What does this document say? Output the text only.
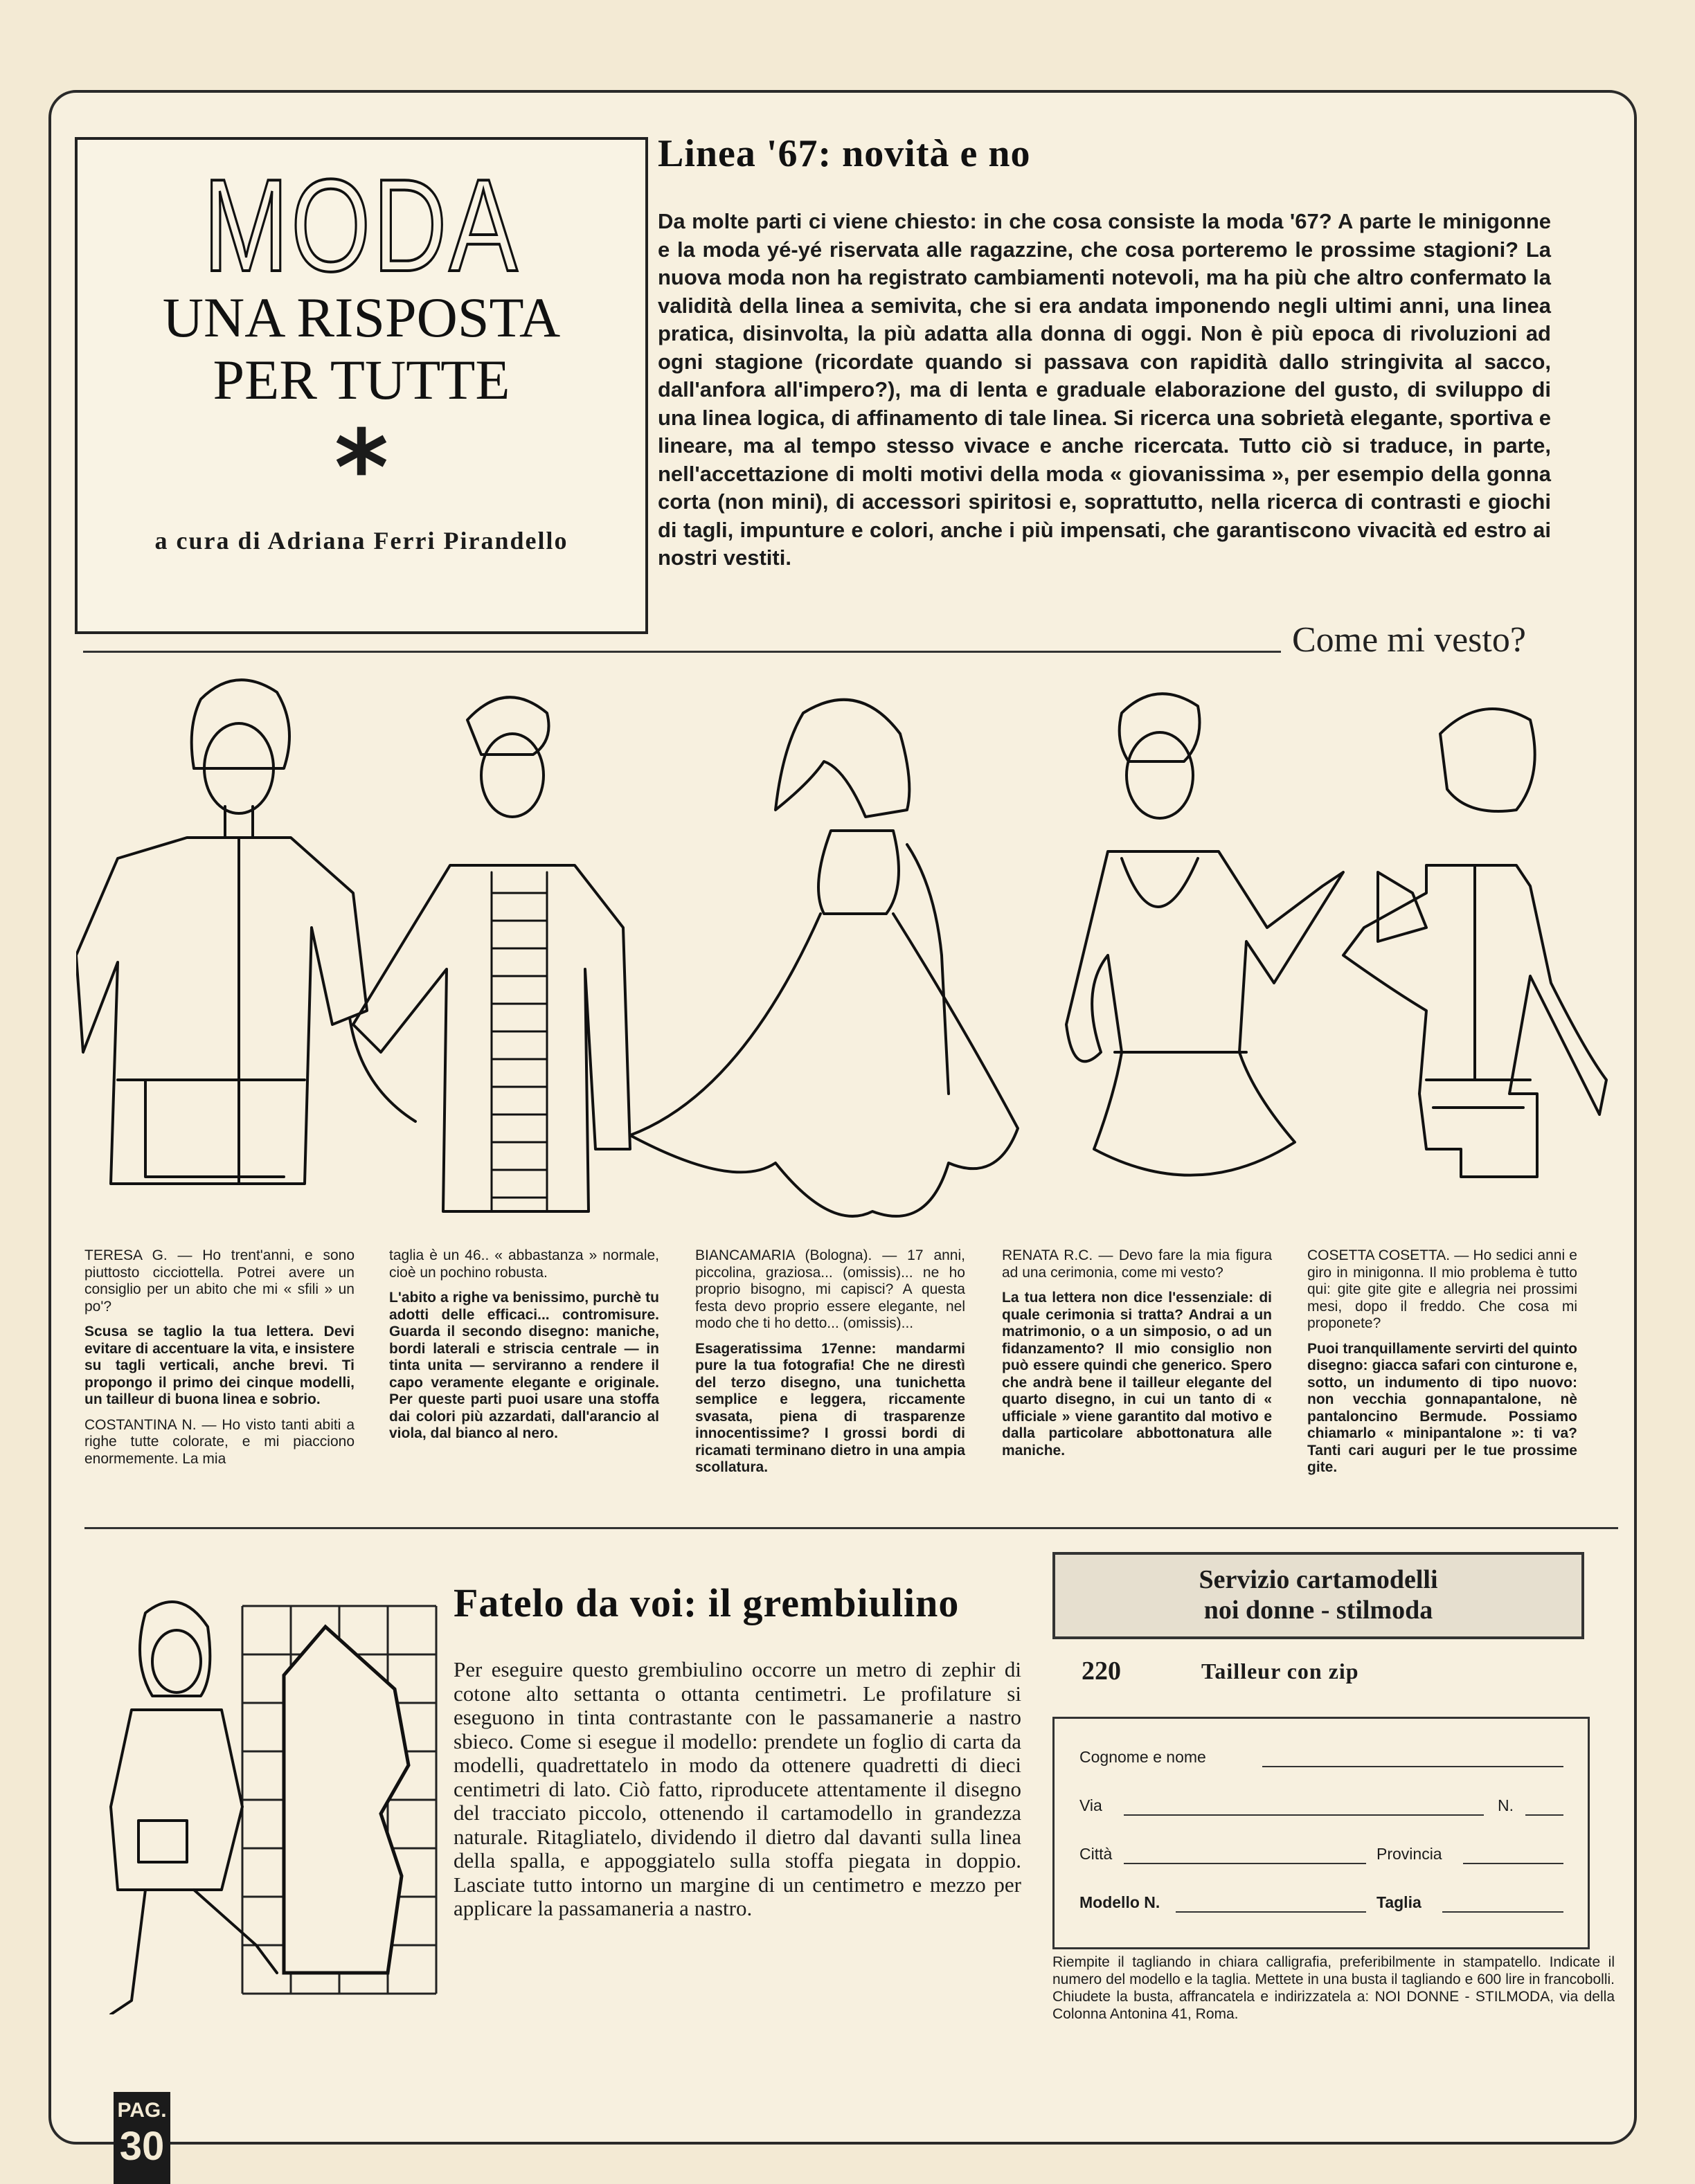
MODA
UNA RISPOSTA
PER TUTTE
*
a cura di Adriana Ferri Pirandello
Linea '67: novità e no
Da molte parti ci viene chiesto: in che cosa consiste la moda '67? A parte le minigonne e la moda yé-yé riservata alle ragazzine, che cosa porteremo le prossime stagioni? La nuova moda non ha registrato cambiamenti notevoli, ma ha più che altro confermato la validità della linea a semivita, che si era andata imponendo negli ultimi anni, una linea pratica, disinvolta, la più adatta alla donna di oggi. Non è più epoca di rivoluzioni ad ogni stagione (ricordate quando si passava con rapidità dallo stringivita al sacco, dall'anfora all'impero?), ma di lenta e graduale elaborazione del gusto, di sviluppo di una linea logica, di affinamento di tale linea. Si ricerca una sobrietà elegante, sportiva e lineare, ma al tempo stesso vivace e anche ricercata. Tutto ciò si traduce, in parte, nell'accettazione di molti motivi della moda « giovanissima », per esempio della gonna corta (non mini), di accessori spiritosi e, soprattutto, nella ricerca di contrasti e giochi di tagli, impunture e colori, anche i più impensati, che garantiscono vivacità ed estro ai nostri vestiti.
Come mi vesto?

TERESA G. — Ho trent'anni, e sono piuttosto cicciottella. Potrei avere un consiglio per un abito che mi « sfili » un po'?

Scusa se taglio la tua lettera. Devi evitare di accentuare la vita, e insistere su tagli verticali, anche brevi. Ti propongo il primo dei cinque modelli, un tailleur di buona linea e sobrio.

COSTANTINA N. — Ho visto tanti abiti a righe tutte colorate, e mi piacciono enormemente. La mia

taglia è un 46.. « abbastanza » normale, cioè un pochino robusta.

L'abito a righe va benissimo, purchè tu adotti delle efficaci... contromisure. Guarda il secondo disegno: maniche, bordi laterali e striscia centrale — in tinta unita — serviranno a rendere il capo veramente elegante e originale. Per queste parti puoi usare una stoffa dai colori più azzardati, dall'arancio al viola, dal bianco al nero.

BIANCAMARIA (Bologna). — 17 anni, piccolina, graziosa... (omissis)... ne ho proprio bisogno, mi capisci? A questa festa devo proprio essere elegante, nel modo che ti ho detto... (omissis)...

Esageratissima 17enne: mandarmi pure la tua fotografia! Che ne direstì del terzo disegno, una tunichetta semplice e leggera, riccamente svasata, piena di trasparenze innocentissime? I grossi bordi di ricamati terminano dietro in una ampia scollatura.

RENATA R.C. — Devo fare la mia figura ad una cerimonia, come mi vesto?

La tua lettera non dice l'essenziale: di quale cerimonia si tratta? Andrai a un matrimonio, o a un simposio, o ad un fidanzamento? Il mio consiglio non può essere quindi che generico. Spero che andrà bene il tailleur elegante del quarto disegno, in cui un tanto di « ufficiale » viene garantito dal motivo e dalla particolare abbottonatura alle maniche.

COSETTA COSETTA. — Ho sedici anni e giro in minigonna. Il mio problema è tutto qui: gite gite gite e allegria nei prossimi mesi, dopo il freddo. Che cosa mi proponete?

Puoi tranquillamente servirti del quinto disegno: giacca safari con cinturone e, sotto, un indumento di tipo nuovo: non vecchia gonnapantalone, nè pantaloncino Bermude. Possiamo chiamarlo « minipantalone »: ti va? Tanti cari auguri per le tue prossime gite.

Fatelo da voi: il grembiulino
Per eseguire questo grembiulino occorre un metro di zephir di cotone alto settanta o ottanta centimetri. Le profilature si eseguono in tinta contrastante con le passamanerie a nastro sbieco. Come si esegue il modello: prendete un foglio di carta da modelli, quadrettatelo in modo da ottenere quadretti di dieci centimetri di lato. Ciò fatto, riproducete attentamente il disegno del tracciato piccolo, ottenendo il cartamodello in grandezza naturale. Ritagliatelo, dividendo il dietro dal davanti sulla linea della spalla, e appoggiatelo sulla stoffa piegata in doppio. Lasciate tutto intorno un margine di un centimetro e mezzo per applicare la passamaneria a nastro.
Servizio cartamodelli
noi donne - stilmoda
220	Tailleur con zip
Cognome e nome
Via	N.
Città	Provincia
Modello N.	Taglia
Riempite il tagliando in chiara calligrafia, preferibilmente in stampatello. Indicate il numero del modello e la taglia. Mettete in una busta il tagliando e 600 lire in francobolli. Chiudete la busta, affrancatela e indirizzatela a: NOI DONNE - STILMODA, via della Colonna Antonina 41, Roma.
PAG.
30
